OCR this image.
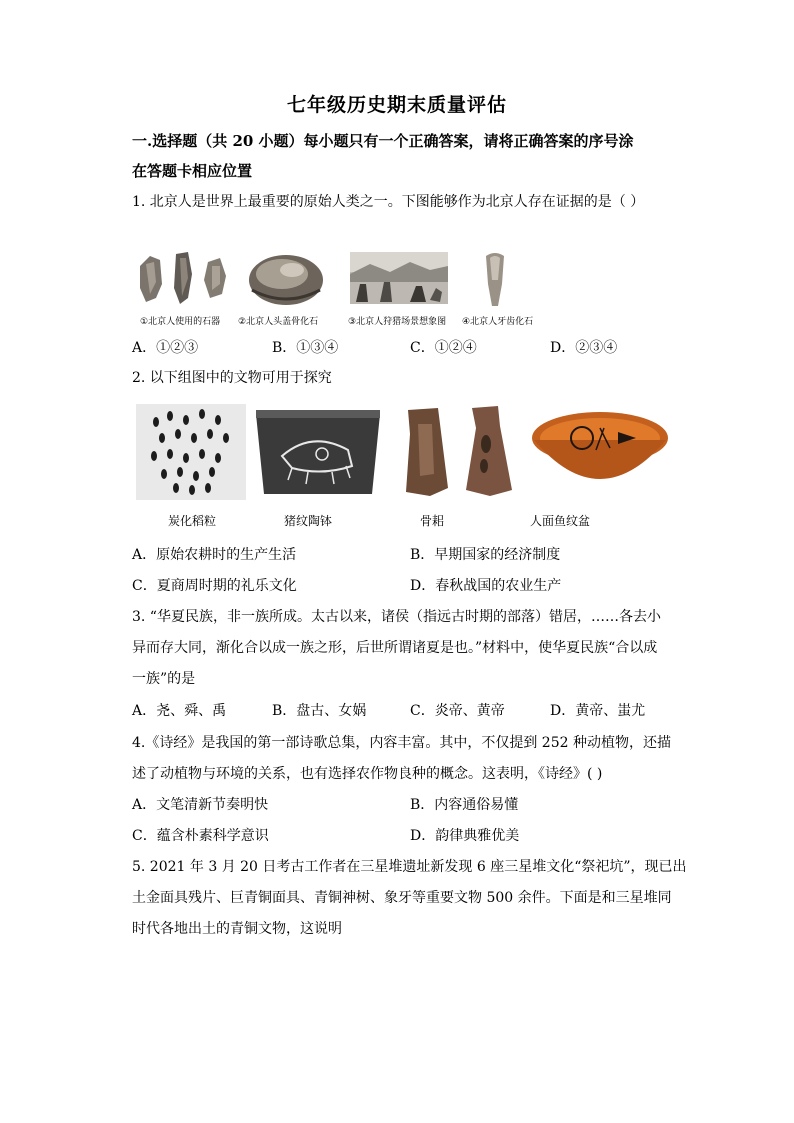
七年级历史期末质量评估
一.选择题（共 20 小题）每小题只有一个正确答案，请将正确答案的序号涂
在答题卡相应位置
1. 北京人是世界上最重要的原始人类之一。下图能够作为北京人存在证据的是（ ）
①北京人使用的石器 ②北京人头盖骨化石	③北京人狩猎场景想象图 ④北京人牙齿化石
A．①②③	B．①③④	C．①②④	D．②③④
2. 以下组图中的文物可用于探究
炭化稻粒	猪纹陶钵	骨耜	人面鱼纹盆
A．原始农耕时的生产生活	B．早期国家的经济制度
C．夏商周时期的礼乐文化	D．春秋战国的农业生产
3. “华夏民族，非一族所成。太古以来，诸侯（指远古时期的部落）错居，……各去小
异而存大同，渐化合以成一族之形，后世所谓诸夏是也。”材料中，使华夏民族“合以成
一族”的是
A．尧、舜、禹	B．盘古、女娲	C．炎帝、黄帝	D．黄帝、蚩尤
4.《诗经》是我国的第一部诗歌总集，内容丰富。其中，不仅提到 252 种动植物，还描
述了动植物与环境的关系，也有选择农作物良种的概念。这表明，《诗经》( )
A．文笔清新节奏明快	B．内容通俗易懂
C．蕴含朴素科学意识	D．韵律典雅优美
5. 2021 年 3 月 20 日考古工作者在三星堆遗址新发现 6 座三星堆文化“祭祀坑”，现已出
土金面具残片、巨青铜面具、青铜神树、象牙等重要文物 500 余件。下面是和三星堆同
时代各地出土的青铜文物，这说明
